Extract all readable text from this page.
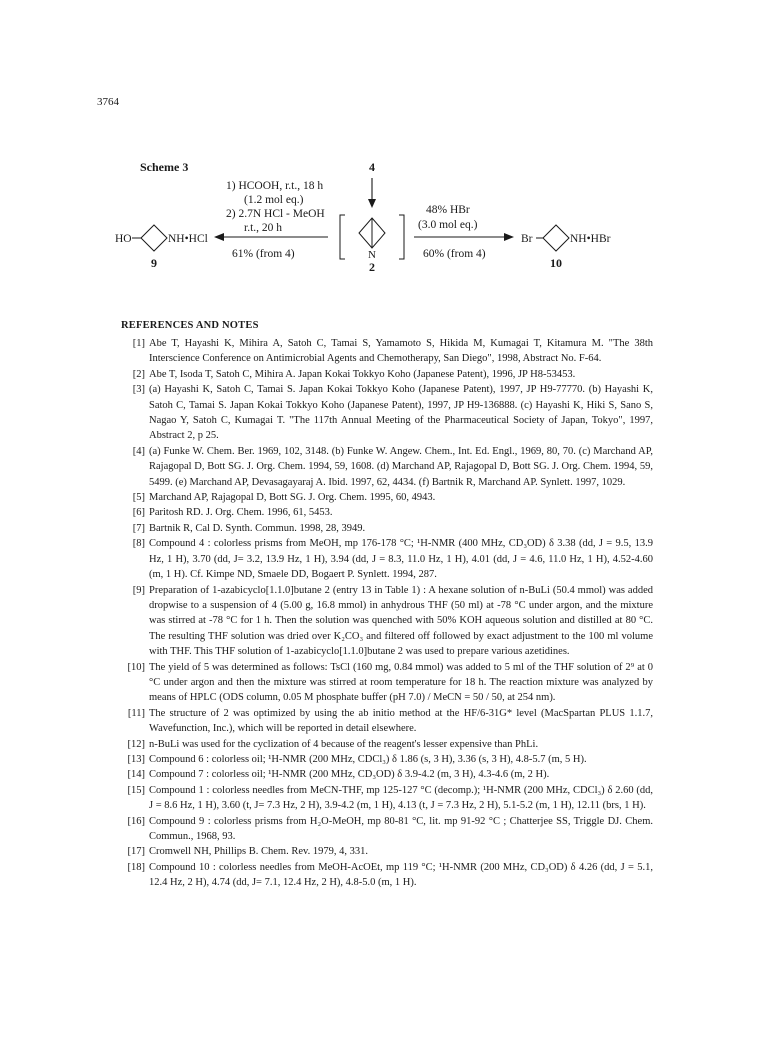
3764
Scheme 3	4
1) HCOOH, r.t., 18 h
(1.2 mol eq.)
2) 2.7N HCl - MeOH
r.t., 20 h
61% (from 4)
HO	NH•HCl
9
N
2
48% HBr
(3.0 mol eq.)
60% (from 4)
Br	NH•HBr
10
REFERENCES AND NOTES
[1] Abe T, Hayashi K, Mihira A, Satoh C, Tamai S, Yamamoto S, Hikida M, Kumagai T, Kitamura M. "The 38th Interscience Conference on Antimicrobial Agents and Chemotherapy, San Diego", 1998, Abstract No. F-64.
[2] Abe T, Isoda T, Satoh C, Mihira A. Japan Kokai Tokkyo Koho (Japanese Patent), 1996, JP H8-53453.
[3] (a) Hayashi K, Satoh C, Tamai S. Japan Kokai Tokkyo Koho (Japanese Patent), 1997, JP H9-77770. (b) Hayashi K, Satoh C, Tamai S. Japan Kokai Tokkyo Koho (Japanese Patent), 1997, JP H9-136888. (c) Hayashi K, Hiki S, Sano S, Nagao Y, Satoh C, Kumagai T. "The 117th Annual Meeting of the Pharmaceutical Society of Japan, Tokyo", 1997, Abstract 2, p 25.
[4] (a) Funke W. Chem. Ber. 1969, 102, 3148. (b) Funke W. Angew. Chem., Int. Ed. Engl., 1969, 80, 70. (c) Marchand AP, Rajagopal D, Bott SG. J. Org. Chem. 1994, 59, 1608. (d) Marchand AP, Rajagopal D, Bott SG. J. Org. Chem. 1994, 59, 5499. (e) Marchand AP, Devasagayaraj A. Ibid. 1997, 62, 4434. (f) Bartnik R, Marchand AP. Synlett. 1997, 1029.
[5] Marchand AP, Rajagopal D, Bott SG. J. Org. Chem. 1995, 60, 4943.
[6] Paritosh RD. J. Org. Chem. 1996, 61, 5453.
[7] Bartnik R, Cal D. Synth. Commun. 1998, 28, 3949.
[8] Compound 4 : colorless prisms from MeOH, mp 176-178 °C; ¹H-NMR (400 MHz, CD₃OD) δ 3.38 (dd, J = 9.5, 13.9 Hz, 1 H), 3.70 (dd, J= 3.2, 13.9 Hz, 1 H), 3.94 (dd, J = 8.3, 11.0 Hz, 1 H), 4.01 (dd, J = 4.6, 11.0 Hz, 1 H), 4.52-4.60 (m, 1 H). Cf. Kimpe ND, Smaele DD, Bogaert P. Synlett. 1994, 287.
[9] Preparation of 1-azabicyclo[1.1.0]butane 2 (entry 13 in Table 1) : A hexane solution of n-BuLi (50.4 mmol) was added dropwise to a suspension of 4 (5.00 g, 16.8 mmol) in anhydrous THF (50 ml) at -78 °C under argon, and the mixture was stirred at -78 °C for 1 h. Then the solution was quenched with 50% KOH aqueous solution and distilled at 80 °C. The resulting THF solution was dried over K₂CO₃ and filtered off followed by exact adjustment to the 100 ml volume with THF. This THF solution of 1-azabicyclo[1.1.0]butane 2 was used to prepare various azetidines.
[10] The yield of 5 was determined as follows: TsCl (160 mg, 0.84 mmol) was added to 5 ml of the THF solution of 2⁹ at 0 °C under argon and then the mixture was stirred at room temperature for 18 h. The reaction mixture was analyzed by means of HPLC (ODS column, 0.05 M phosphate buffer (pH 7.0) / MeCN = 50 / 50, at 254 nm).
[11] The structure of 2 was optimized by using the ab initio method at the HF/6-31G* level (MacSpartan PLUS 1.1.7, Wavefunction, Inc.), which will be reported in detail elsewhere.
[12] n-BuLi was used for the cyclization of 4 because of the reagent's lesser expensive than PhLi.
[13] Compound 6 : colorless oil; ¹H-NMR (200 MHz, CDCl₃) δ 1.86 (s, 3 H), 3.36 (s, 3 H), 4.8-5.7 (m, 5 H).
[14] Compound 7 : colorless oil; ¹H-NMR (200 MHz, CD₃OD) δ 3.9-4.2 (m, 3 H), 4.3-4.6 (m, 2 H).
[15] Compound 1 : colorless needles from MeCN-THF, mp 125-127 °C (decomp.); ¹H-NMR (200 MHz, CDCl₃) δ 2.60 (dd, J = 8.6 Hz, 1 H), 3.60 (t, J= 7.3 Hz, 2 H), 3.9-4.2 (m, 1 H), 4.13 (t, J = 7.3 Hz, 2 H), 5.1-5.2 (m, 1 H), 12.11 (brs, 1 H).
[16] Compound 9 : colorless prisms from H₂O-MeOH, mp 80-81 °C, lit. mp 91-92 °C ; Chatterjee SS, Triggle DJ. Chem. Commun., 1968, 93.
[17] Cromwell NH, Phillips B. Chem. Rev. 1979, 4, 331.
[18] Compound 10 : colorless needles from MeOH-AcOEt, mp 119 °C; ¹H-NMR (200 MHz, CD₃OD) δ 4.26 (dd, J = 5.1, 12.4 Hz, 2 H), 4.74 (dd, J= 7.1, 12.4 Hz, 2 H), 4.8-5.0 (m, 1 H).
